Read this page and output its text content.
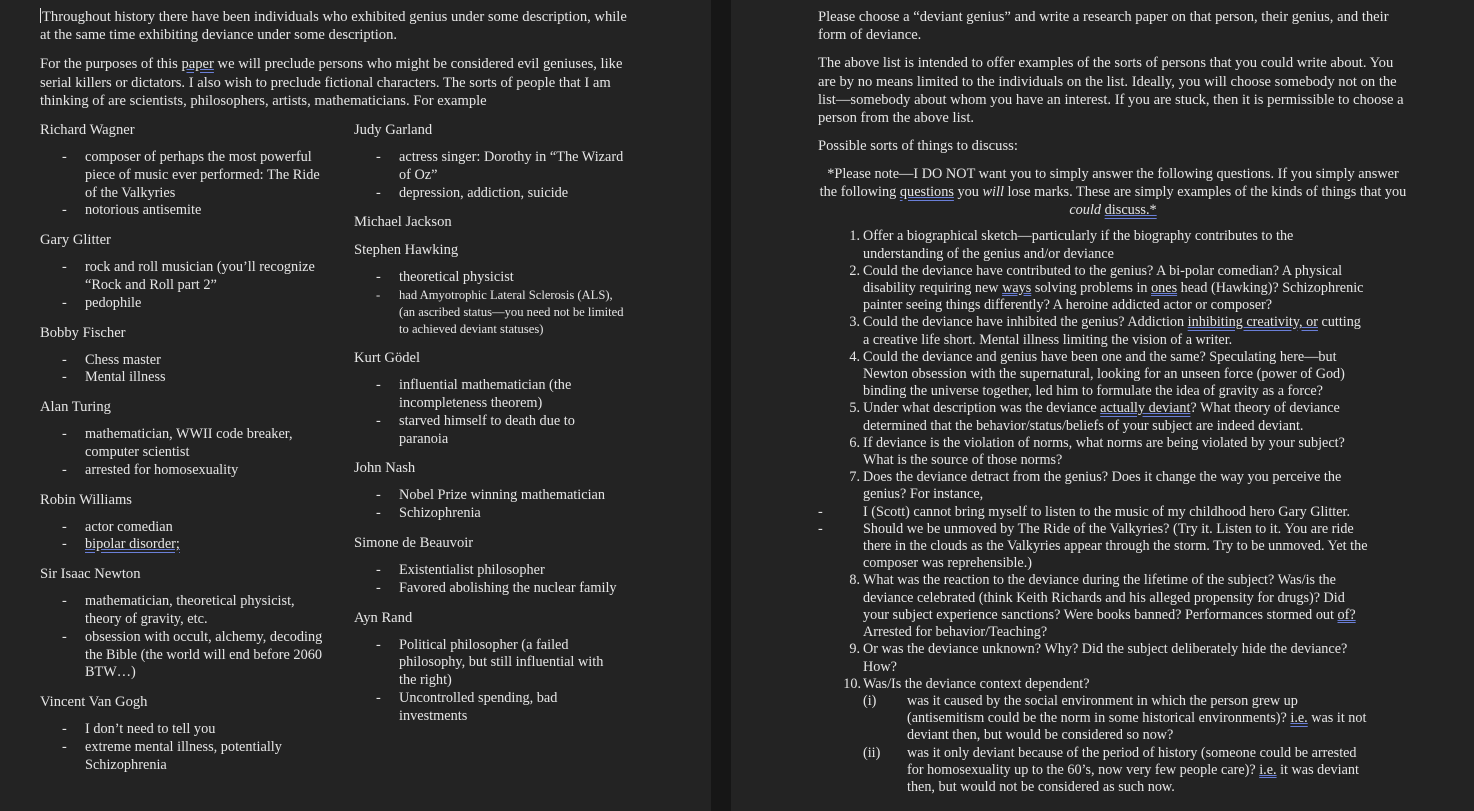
Throughout history there have been individuals who exhibited genius under some description, while at the same time exhibiting deviance under some description.

For the purposes of this paper we will preclude persons who might be considered evil geniuses, like serial killers or dictators. I also wish to preclude fictional characters. The sorts of people that I am thinking of are scientists, philosophers, artists, mathematicians. For example

Richard Wagner

- composer of perhaps the most powerful piece of music ever performed: The Ride of the Valkyries
- notorious antisemite

Gary Glitter

- rock and roll musician (you’ll recognize “Rock and Roll part 2”
- pedophile

Bobby Fischer

- Chess master
- Mental illness

Alan Turing

- mathematician, WWII code breaker, computer scientist
- arrested for homosexuality

Robin Williams

- actor comedian
- bipolar disorder;

Sir Isaac Newton

- mathematician, theoretical physicist, theory of gravity, etc.
- obsession with occult, alchemy, decoding the Bible (the world will end before 2060 BTW…)

Vincent Van Gogh

- I don’t need to tell you
- extreme mental illness, potentially Schizophrenia

Judy Garland

- actress singer: Dorothy in “The Wizard of Oz”
- depression, addiction, suicide

Michael Jackson

Stephen Hawking

- theoretical physicist
- had Amyotrophic Lateral Sclerosis (ALS), (an ascribed status—you need not be limited to achieved deviant statuses)

Kurt Gödel

- influential mathematician (the incompleteness theorem)
- starved himself to death due to paranoia

John Nash

- Nobel Prize winning mathematician
- Schizophrenia

Simone de Beauvoir

- Existentialist philosopher
- Favored abolishing the nuclear family

Ayn Rand

- Political philosopher (a failed philosophy, but still influential with the right)
- Uncontrolled spending, bad investments

Please choose a “deviant genius” and write a research paper on that person, their genius, and their form of deviance.

The above list is intended to offer examples of the sorts of persons that you could write about. You are by no means limited to the individuals on the list. Ideally, you will choose somebody not on the list—somebody about whom you have an interest. If you are stuck, then it is permissible to choose a person from the above list.

Possible sorts of things to discuss:

*Please note—I DO NOT want you to simply answer the following questions. If you simply answer the following questions you will lose marks. These are simply examples of the kinds of things that you could discuss.*

1. Offer a biographical sketch—particularly if the biography contributes to the understanding of the genius and/or deviance
2. Could the deviance have contributed to the genius? A bi-polar comedian? A physical disability requiring new ways solving problems in ones head (Hawking)? Schizophrenic painter seeing things differently? A heroine addicted actor or composer?
3. Could the deviance have inhibited the genius? Addiction inhibiting creativity, or cutting a creative life short. Mental illness limiting the vision of a writer.
4. Could the deviance and genius have been one and the same? Speculating here—but Newton obsession with the supernatural, looking for an unseen force (power of God) binding the universe together, led him to formulate the idea of gravity as a force?
5. Under what description was the deviance actually deviant? What theory of deviance determined that the behavior/status/beliefs of your subject are indeed deviant.
6. If deviance is the violation of norms, what norms are being violated by your subject? What is the source of those norms?
7. Does the deviance detract from the genius? Does it change the way you perceive the genius? For instance,
- I (Scott) cannot bring myself to listen to the music of my childhood hero Gary Glitter.
- Should we be unmoved by The Ride of the Valkyries? (Try it. Listen to it. You are ride there in the clouds as the Valkyries appear through the storm. Try to be unmoved. Yet the composer was reprehensible.)
8. What was the reaction to the deviance during the lifetime of the subject? Was/is the deviance celebrated (think Keith Richards and his alleged propensity for drugs)? Did your subject experience sanctions? Were books banned? Performances stormed out of? Arrested for behavior/Teaching?
9. Or was the deviance unknown? Why? Did the subject deliberately hide the deviance? How?
10. Was/Is the deviance context dependent?
(i) was it caused by the social environment in which the person grew up (antisemitism could be the norm in some historical environments)? i.e. was it not deviant then, but would be considered so now?
(ii) was it only deviant because of the period of history (someone could be arrested for homosexuality up to the 60’s, now very few people care)? i.e. it was deviant then, but would not be considered as such now.
